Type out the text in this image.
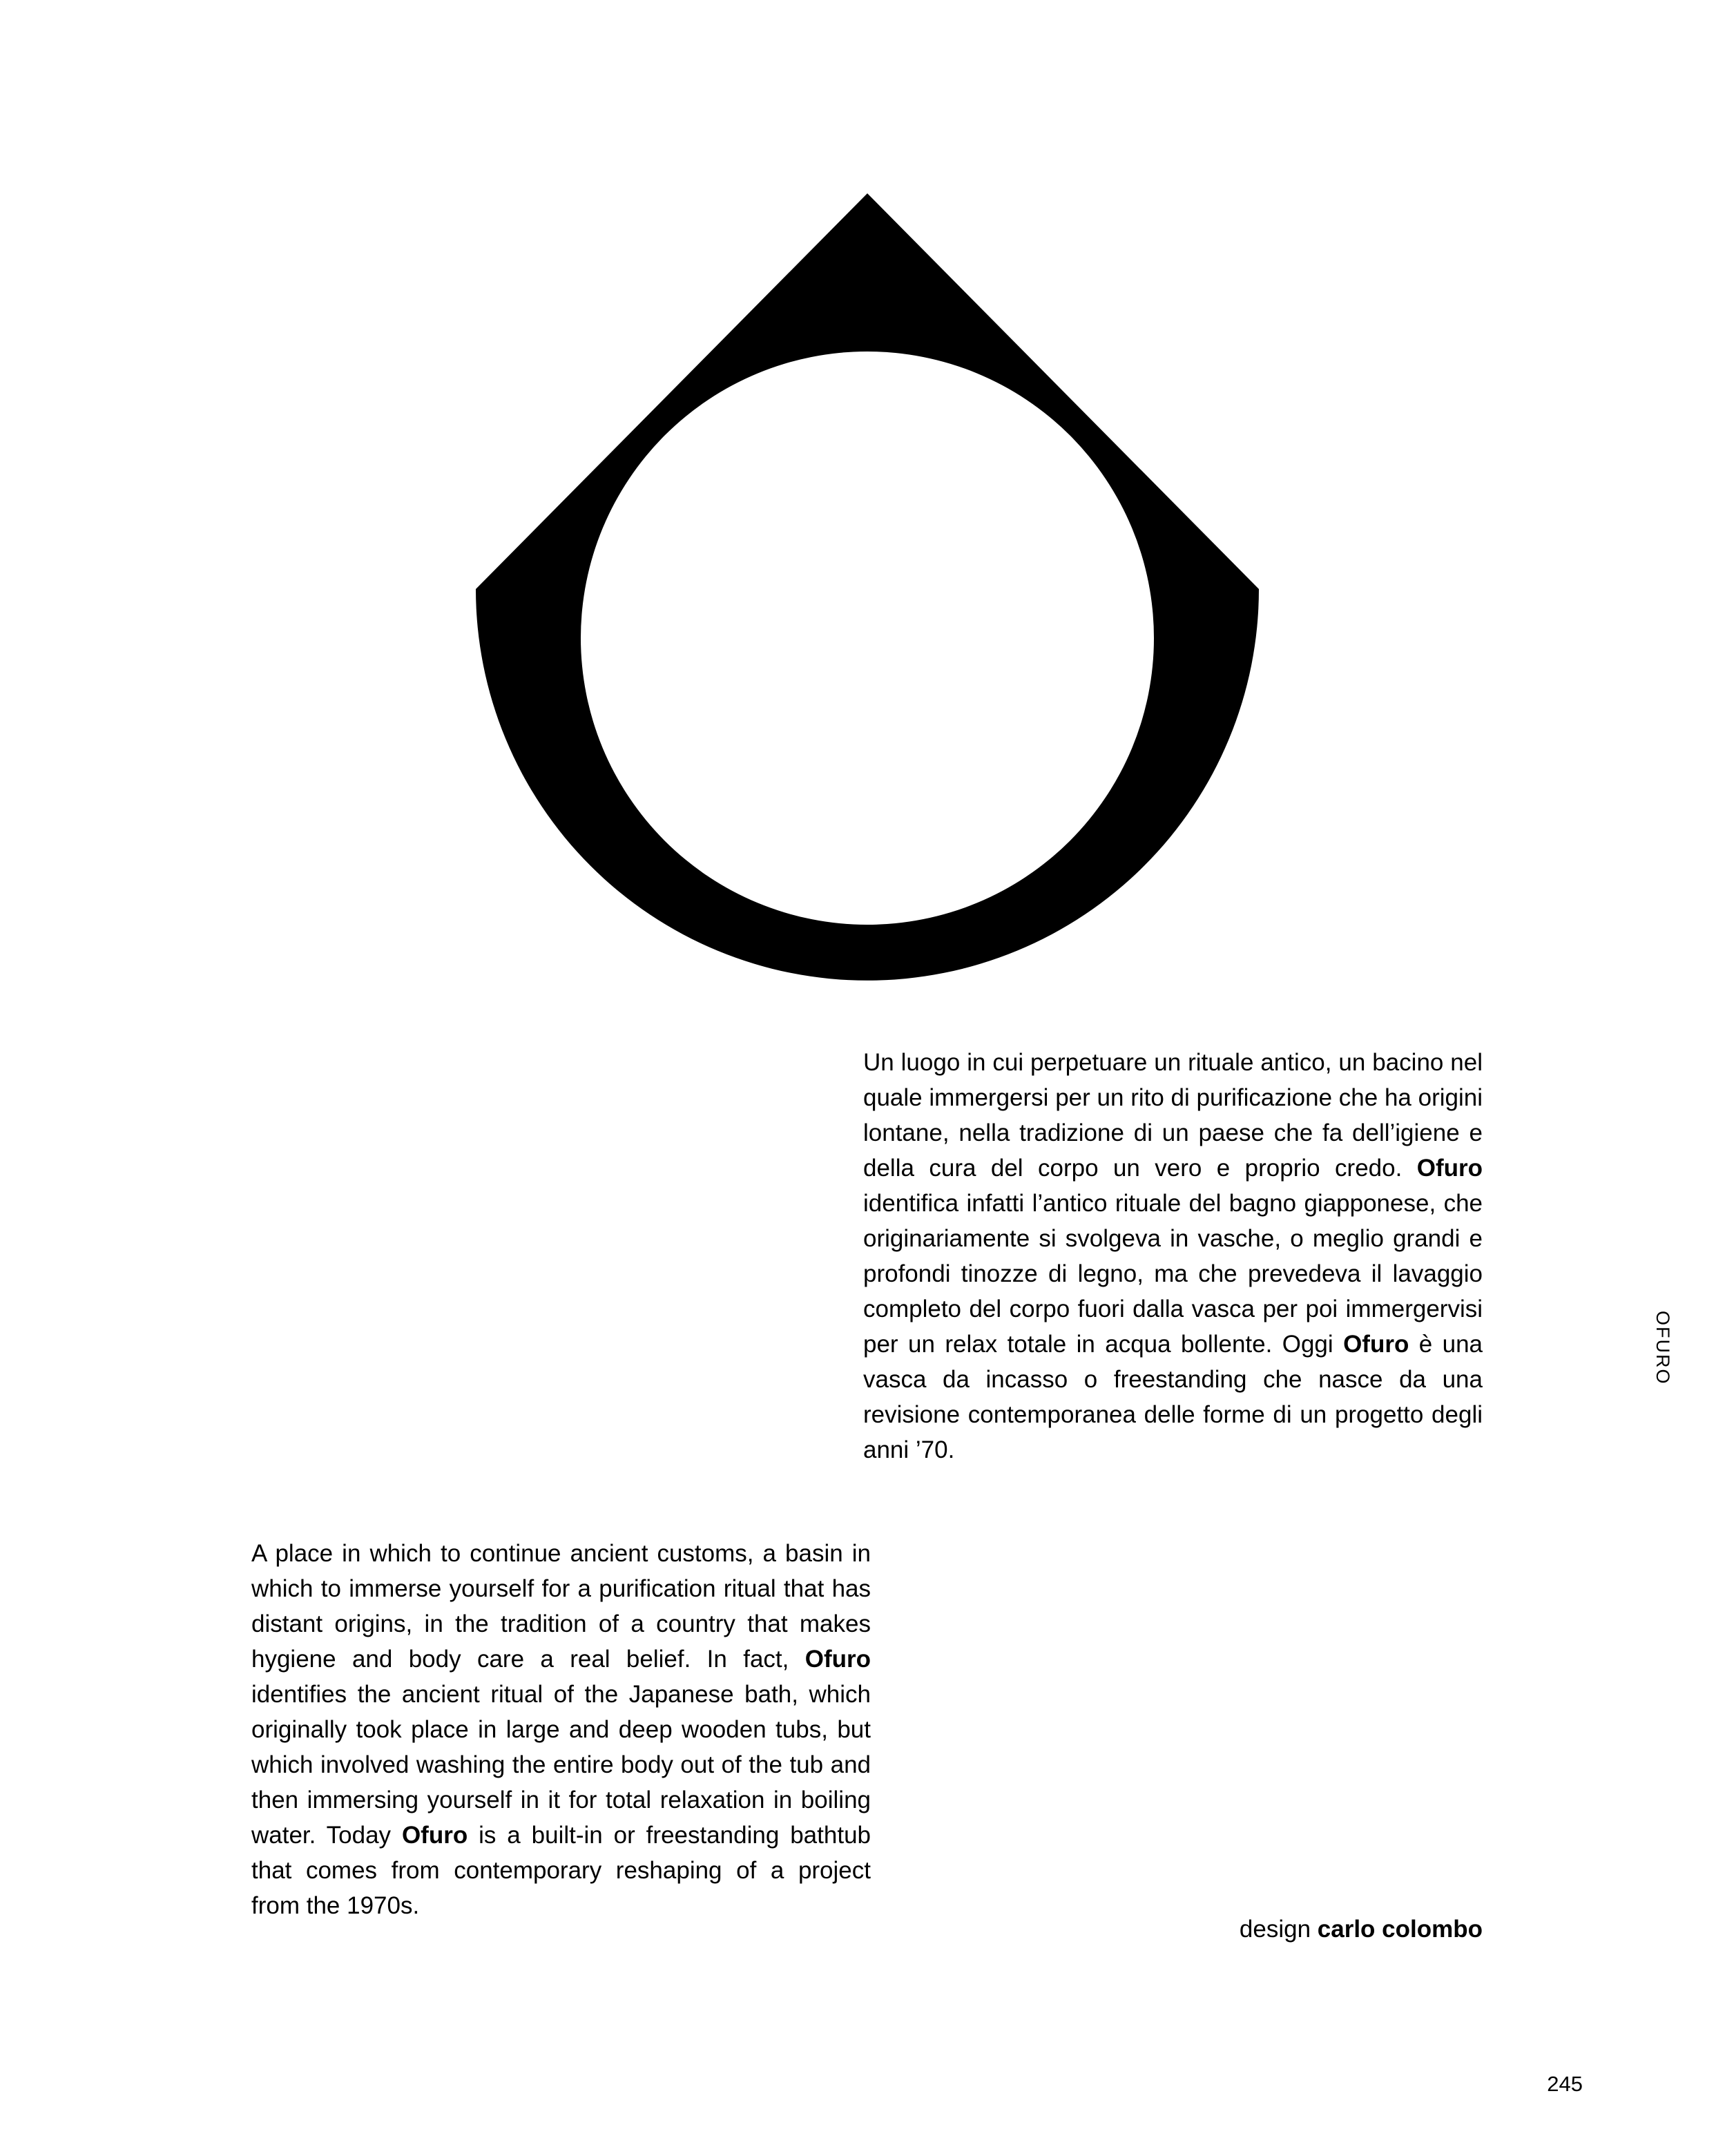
Un luogo in cui perpetuare un rituale antico, un bacino nel quale immergersi per un rito di purificazione che ha origini lontane, nella tradizione di un paese che fa dell’igiene e della cura del corpo un vero e proprio credo. Ofuro identifica infatti l’antico rituale del bagno giapponese, che originariamente si svolgeva in vasche, o meglio grandi e profondi tinozze di legno, ma che prevedeva il lavaggio completo del corpo fuori dalla vasca per poi immergervisi per un relax totale in acqua bollente. Oggi Ofuro è una vasca da incasso o freestanding che nasce da una revisione contemporanea delle forme di un progetto degli anni ’70.

A place in which to continue ancient customs, a basin in which to immerse yourself for a purification ritual that has distant origins, in the tradition of a country that makes hygiene and body care a real belief. In fact, Ofuro identifies the ancient ritual of the Japanese bath, which originally took place in large and deep wooden tubs, but which involved washing the entire body out of the tub and then immersing yourself in it for total relaxation in boiling water. Today Ofuro is a built-in or freestanding bathtub that comes from contemporary reshaping of a project from the 1970s.

design carlo colombo

OFURO
245
